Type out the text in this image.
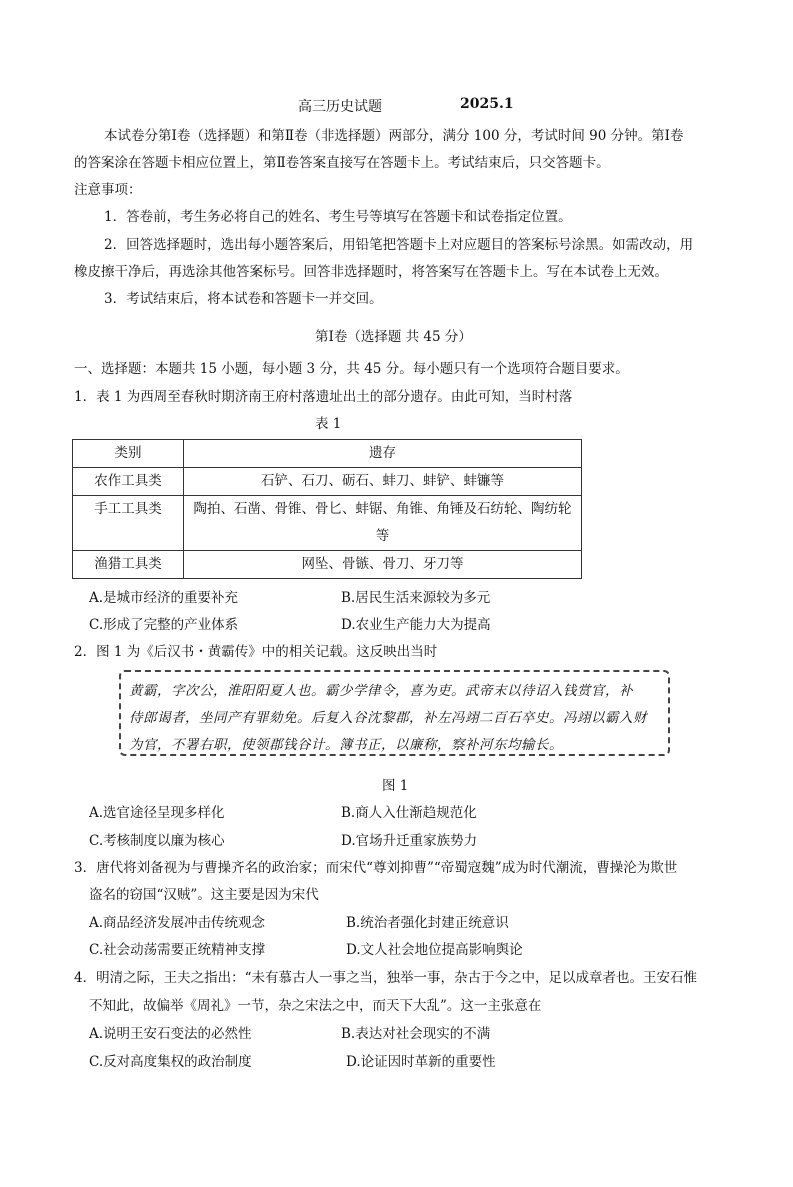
高三历史试题	2025.1
本试卷分第Ⅰ卷（选择题）和第Ⅱ卷（非选择题）两部分，满分 100 分，考试时间 90 分钟。第Ⅰ卷
的答案涂在答题卡相应位置上，第Ⅱ卷答案直接写在答题卡上。考试结束后，只交答题卡。
注意事项：
1．答卷前，考生务必将自己的姓名、考生号等填写在答题卡和试卷指定位置。
2．回答选择题时，选出每小题答案后，用铅笔把答题卡上对应题目的答案标号涂黑。如需改动，用
橡皮擦干净后，再选涂其他答案标号。回答非选择题时，将答案写在答题卡上。写在本试卷上无效。
3．考试结束后，将本试卷和答题卡一并交回。
第Ⅰ卷（选择题 共 45 分）
一、选择题：本题共 15 小题，每小题 3 分，共 45 分。每小题只有一个选项符合题目要求。
1．表 1 为西周至春秋时期济南王府村落遗址出土的部分遗存。由此可知，当时村落
表 1
类别	遗存
农作工具类	石铲、石刀、砺石、蚌刀、蚌铲、蚌镰等
手工工具类	陶拍、石凿、骨锥、骨匕、蚌锯、角锥、角锤及石纺轮、陶纺轮
等

渔猎工具类	网坠、骨镞、骨刀、牙刀等
A.是城市经济的重要补充	B.居民生活来源较为多元
C.形成了完整的产业体系	D.农业生产能力大为提高
2．图 1 为《后汉书・黄霸传》中的相关记载。这反映出当时
黄霸，字次公，淮阳阳夏人也。霸少学律令，喜为吏。武帝末以待诏入钱赏官，补
侍郎谒者，坐同产有罪劾免。后复入谷沈黎郡，补左冯翊二百石卒史。冯翊以霸入财
为官，不署右职，使领郡钱谷计。簿书正，以廉称，察补河东均输长。
图 1
A.选官途径呈现多样化	B.商人入仕渐趋规范化
C.考核制度以廉为核心	D.官场升迁重家族势力
3．唐代将刘备视为与曹操齐名的政治家；而宋代“尊刘抑曹”“帝蜀寇魏”成为时代潮流，曹操沦为欺世
盗名的窃国“汉贼”。这主要是因为宋代
A.商品经济发展冲击传统观念	B.统治者强化封建正统意识
C.社会动荡需要正统精神支撑	D.文人社会地位提高影响舆论
4．明清之际，王夫之指出：“未有慕古人一事之当，独举一事，杂古于今之中，足以成章者也。王安石惟
不知此，故偏举《周礼》一节，杂之宋法之中，而天下大乱”。这一主张意在
A.说明王安石变法的必然性	B.表达对社会现实的不满
C.反对高度集权的政治制度	D.论证因时革新的重要性
